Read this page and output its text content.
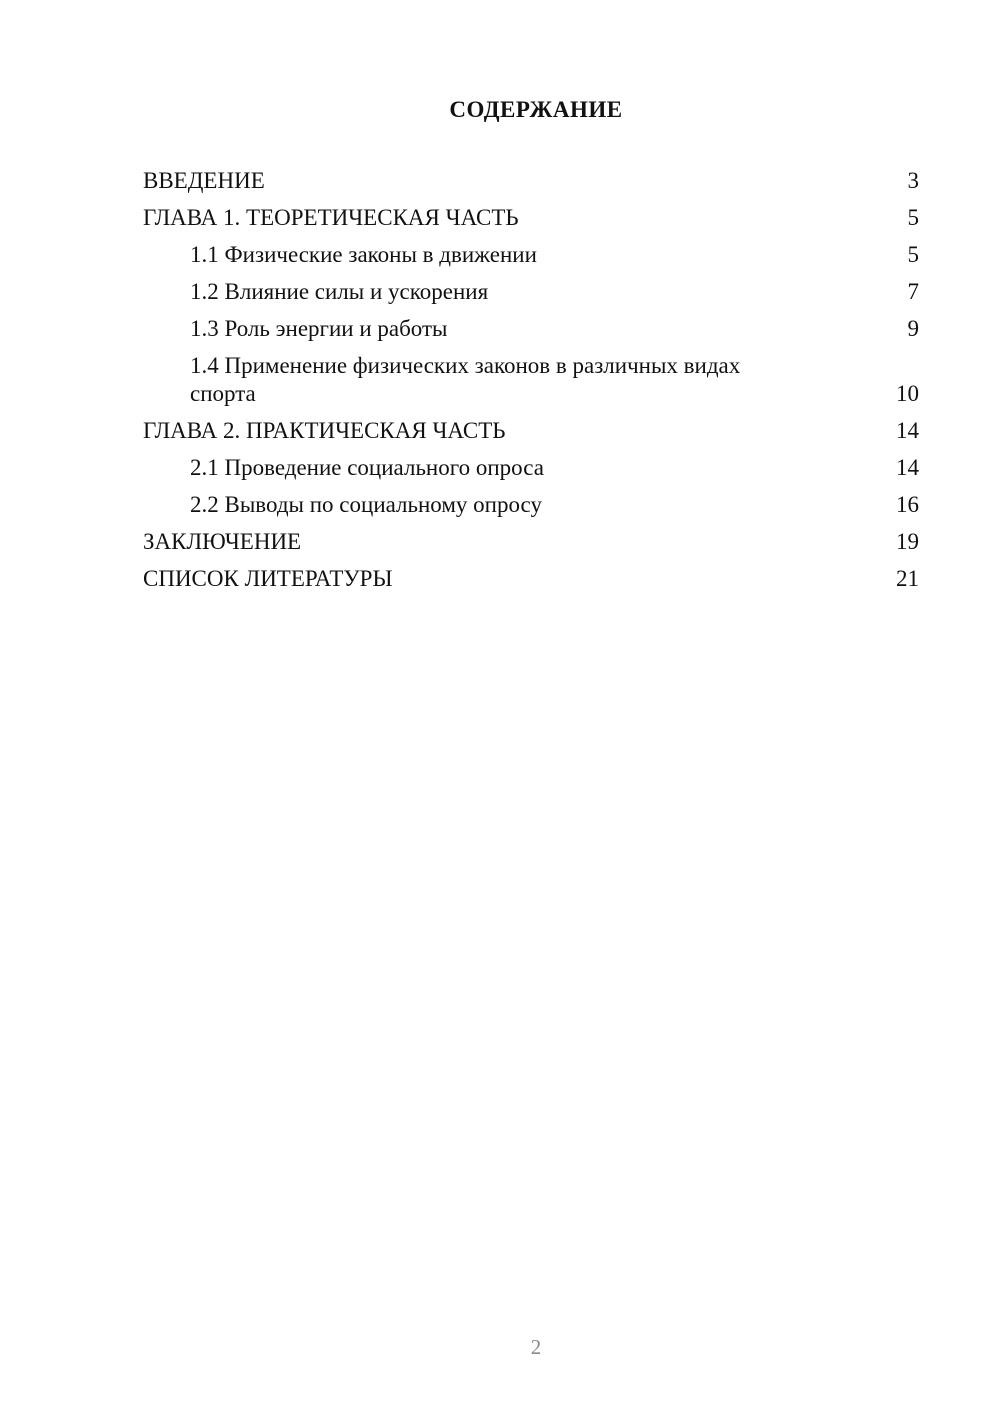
СОДЕРЖАНИЕ
ВВЕДЕНИЕ	3
ГЛАВА 1. ТЕОРЕТИЧЕСКАЯ ЧАСТЬ	5
1.1 Физические законы в движении	5
1.2 Влияние силы и ускорения	7
1.3 Роль энергии и работы	9
1.4 Применение физических законов в различных видах спорта	10
ГЛАВА 2. ПРАКТИЧЕСКАЯ ЧАСТЬ	14
2.1 Проведение социального опроса	14
2.2 Выводы по социальному опросу	16
ЗАКЛЮЧЕНИЕ	19
СПИСОК ЛИТЕРАТУРЫ	21
2
